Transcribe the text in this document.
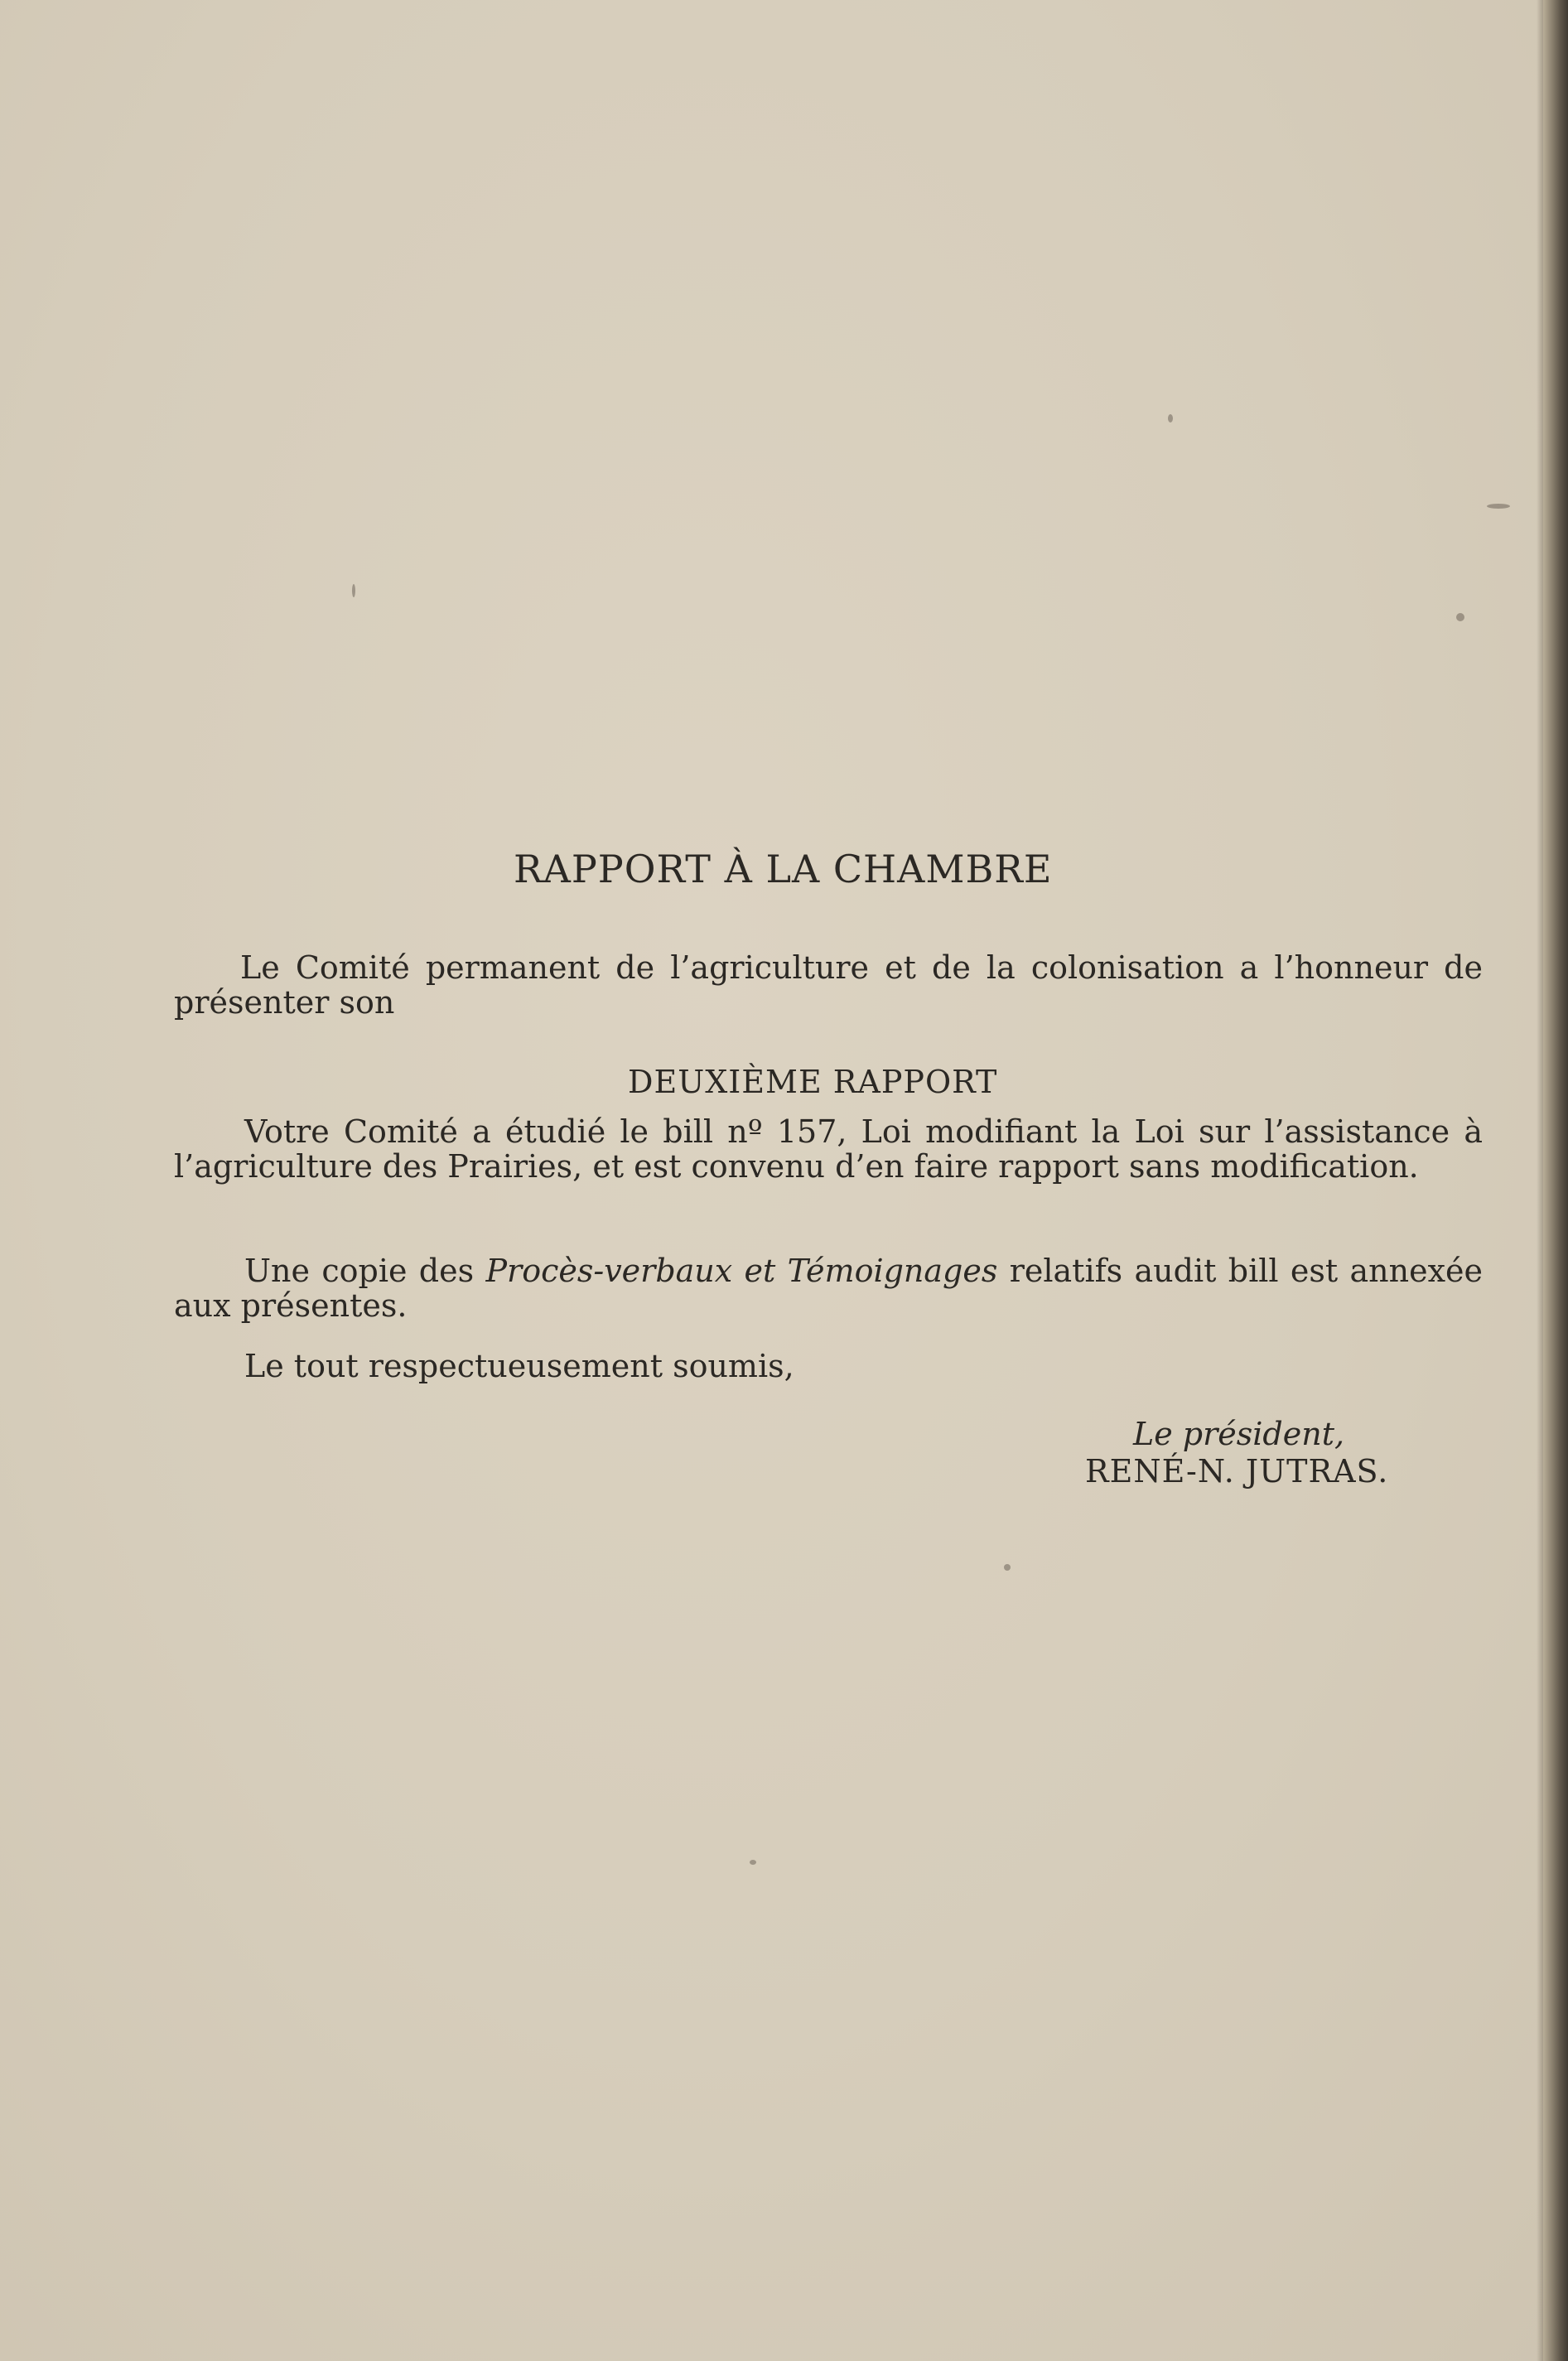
RAPPORT À LA CHAMBRE

Le Comité permanent de l’agriculture et de la colonisation a l’honneur de présenter son

DEUXIÈME RAPPORT

Votre Comité a étudié le bill nº 157, Loi modifiant la Loi sur l’assistance à l’agriculture des Prairies, et est convenu d’en faire rapport sans modification.

Une copie des Procès-verbaux et Témoignages relatifs audit bill est annexée aux présentes.

Le tout respectueusement soumis,

Le président,

RENÉ-N. JUTRAS.
